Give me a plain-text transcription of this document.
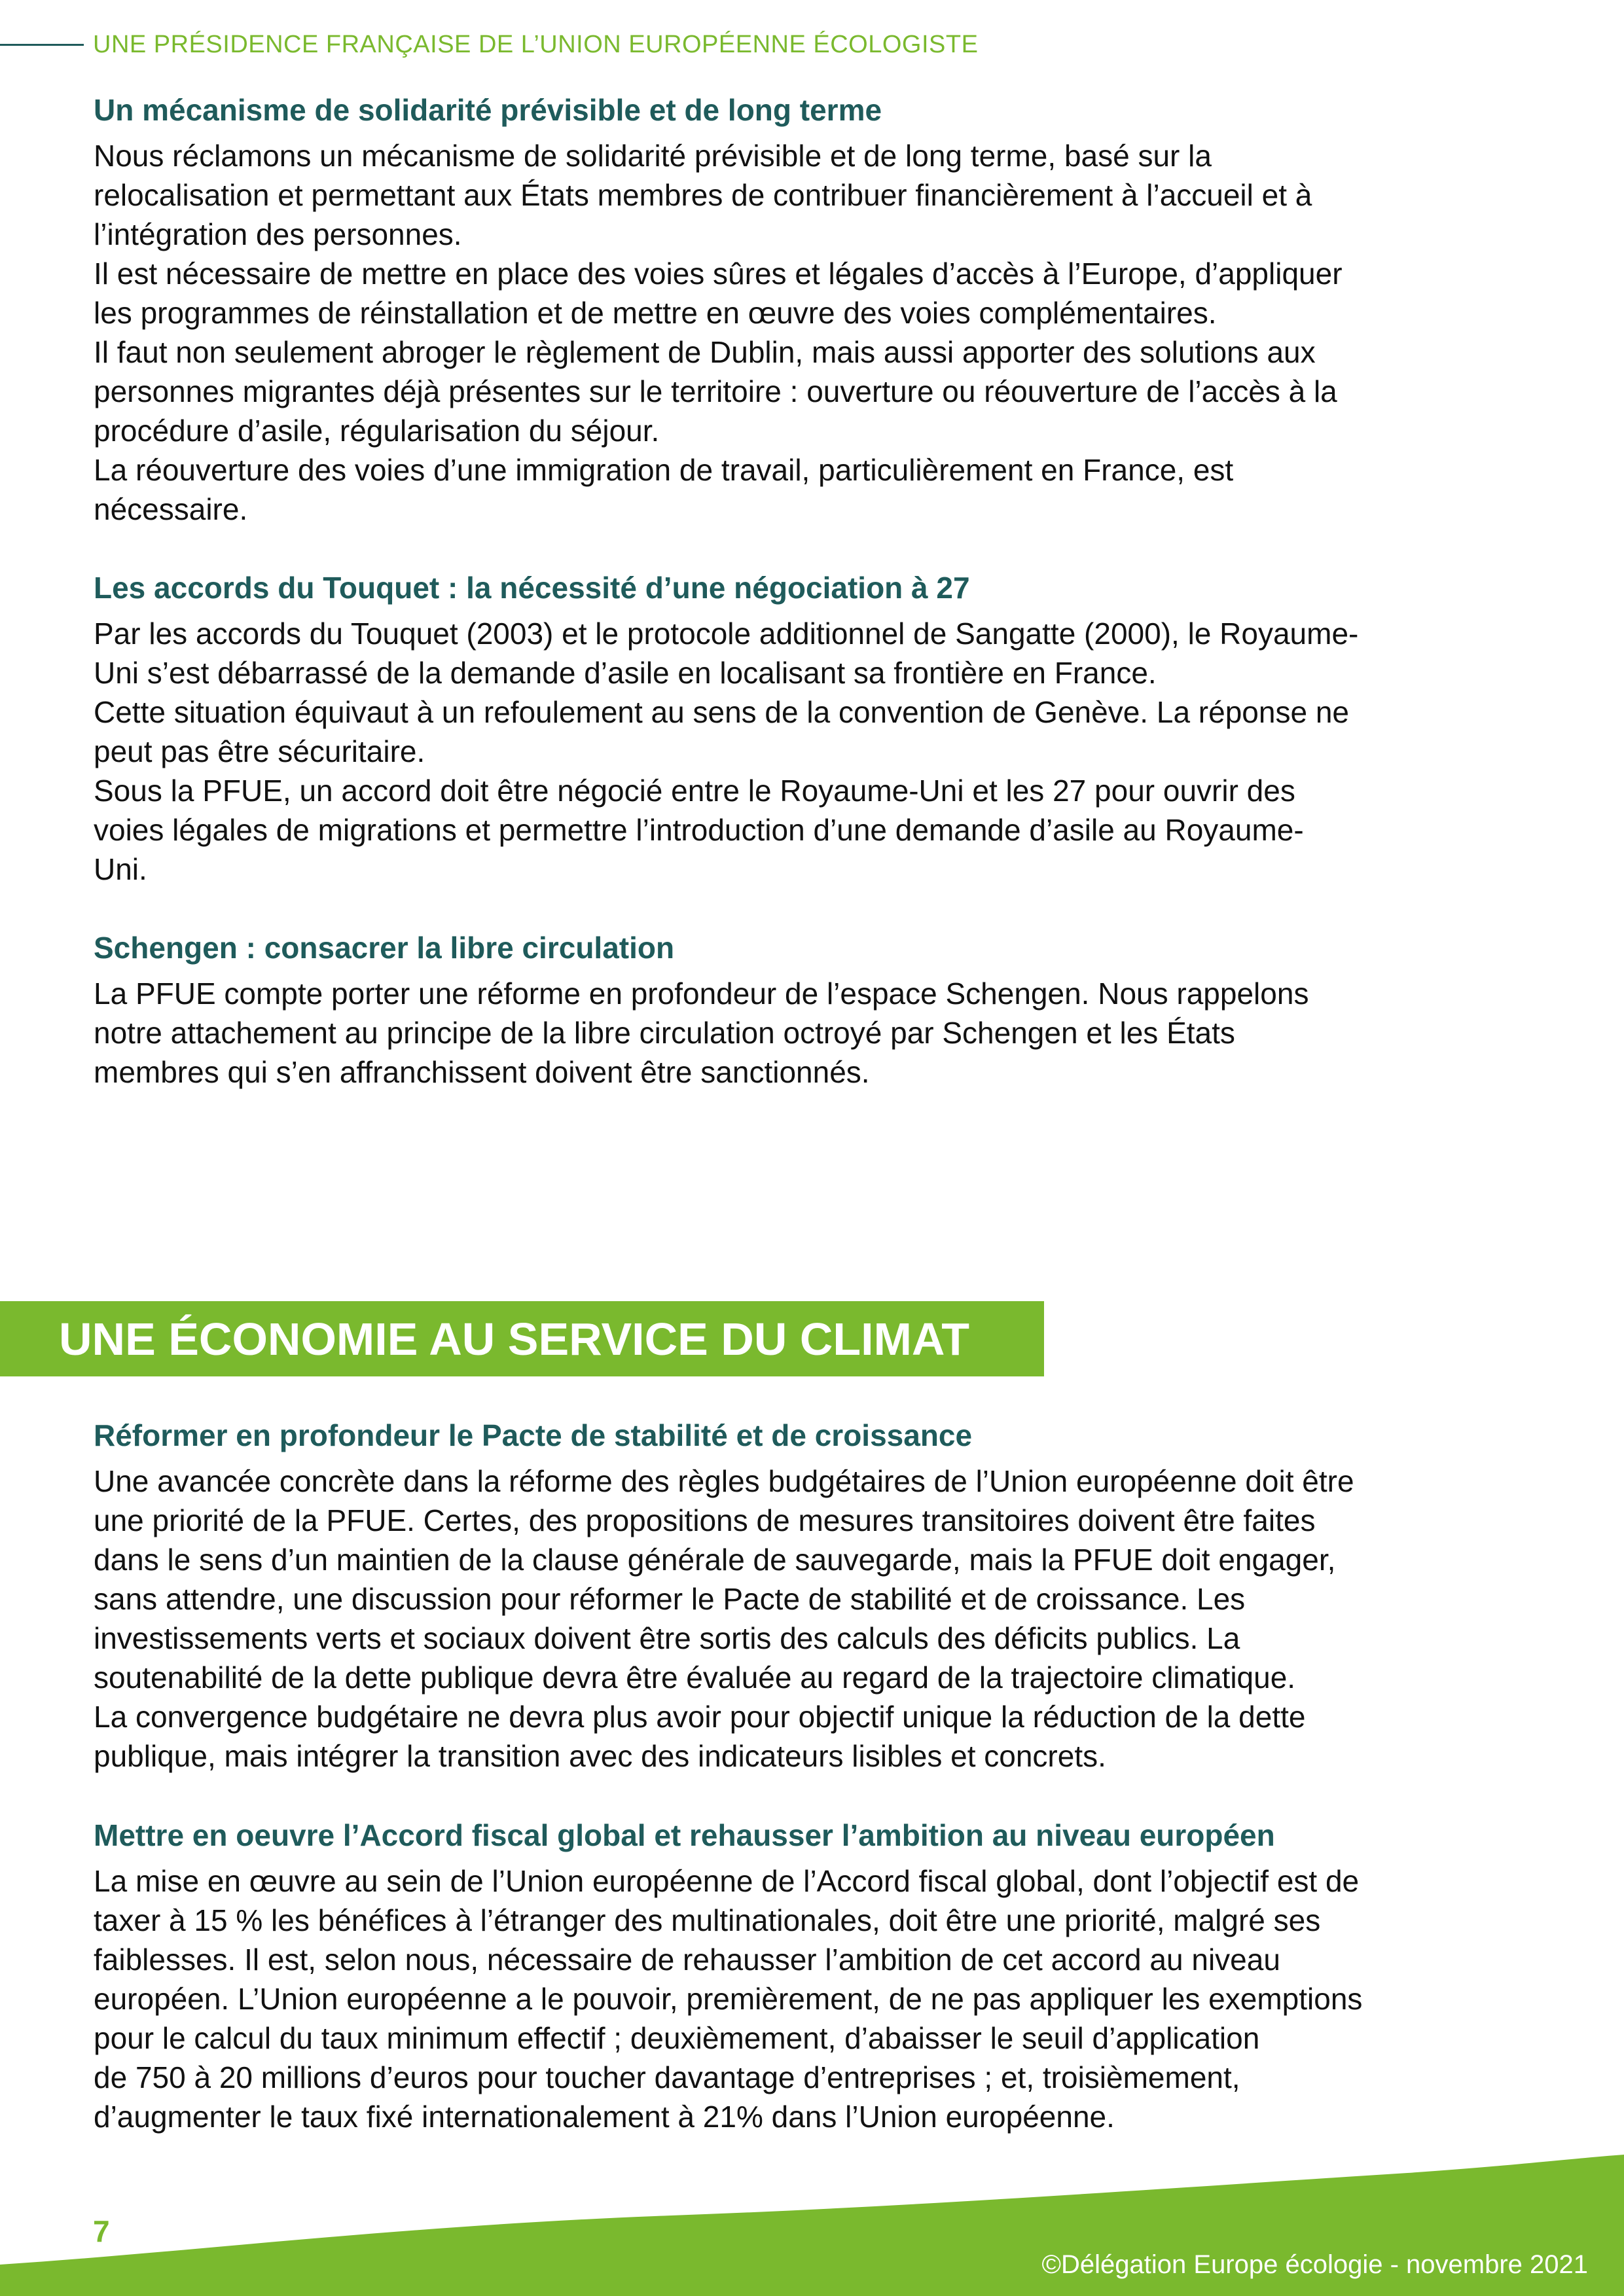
UNE PRÉSIDENCE FRANÇAISE DE L’UNION EUROPÉENNE ÉCOLOGISTE
Un mécanisme de solidarité prévisible et de long terme

Nous réclamons un mécanisme de solidarité prévisible et de long terme, basé sur la

relocalisation et permettant aux États membres de contribuer financièrement à l’accueil et à

l’intégration des personnes.

Il est nécessaire de mettre en place des voies sûres et légales d’accès à l’Europe, d’appliquer

les programmes de réinstallation et de mettre en œuvre des voies complémentaires.

Il faut non seulement abroger le règlement de Dublin, mais aussi apporter des solutions aux

personnes migrantes déjà présentes sur le territoire : ouverture ou réouverture de l’accès à la

procédure d’asile, régularisation du séjour.

La réouverture des voies d’une immigration de travail, particulièrement en France, est

nécessaire.

Les accords du Touquet : la nécessité d’une négociation à 27

Par les accords du Touquet (2003) et le protocole additionnel de Sangatte (2000), le Royaume-

Uni s’est débarrassé de la demande d’asile en localisant sa frontière en France.

Cette situation équivaut à un refoulement au sens de la convention de Genève. La réponse ne

peut pas être sécuritaire.

Sous la PFUE, un accord doit être négocié entre le Royaume-Uni et les 27 pour ouvrir des

voies légales de migrations et permettre l’introduction d’une demande d’asile au Royaume-

Uni.

Schengen : consacrer la libre circulation

La PFUE compte porter une réforme en profondeur de l’espace Schengen. Nous rappelons

notre attachement au principe de la libre circulation octroyé par Schengen et les États

membres qui s’en affranchissent doivent être sanctionnés.

UNE ÉCONOMIE AU SERVICE DU CLIMAT
Réformer en profondeur le Pacte de stabilité et de croissance

Une avancée concrète dans la réforme des règles budgétaires de l’Union européenne doit être

une priorité de la PFUE. Certes, des propositions de mesures transitoires doivent être faites

dans le sens d’un maintien de la clause générale de sauvegarde, mais la PFUE doit engager,

sans attendre, une discussion pour réformer le Pacte de stabilité et de croissance. Les

investissements verts et sociaux doivent être sortis des calculs des déficits publics. La

soutenabilité de la dette publique devra être évaluée au regard de la trajectoire climatique.

La convergence budgétaire ne devra plus avoir pour objectif unique la réduction de la dette

publique, mais intégrer la transition avec des indicateurs lisibles et concrets.

Mettre en oeuvre l’Accord fiscal global et rehausser l’ambition au niveau européen

La mise en œuvre au sein de l’Union européenne de l’Accord fiscal global, dont l’objectif est de

taxer à 15 % les bénéfices à l’étranger des multinationales, doit être une priorité, malgré ses

faiblesses. Il est, selon nous, nécessaire de rehausser l’ambition de cet accord au niveau

européen. L’Union européenne a le pouvoir, premièrement, de ne pas appliquer les exemptions

pour le calcul du taux minimum effectif ; deuxièmement, d’abaisser le seuil d’application

de 750 à 20 millions d’euros pour toucher davantage d’entreprises ; et, troisièmement,

d’augmenter le taux fixé internationalement à 21% dans l’Union européenne.

7
©Délégation Europe écologie - novembre 2021
